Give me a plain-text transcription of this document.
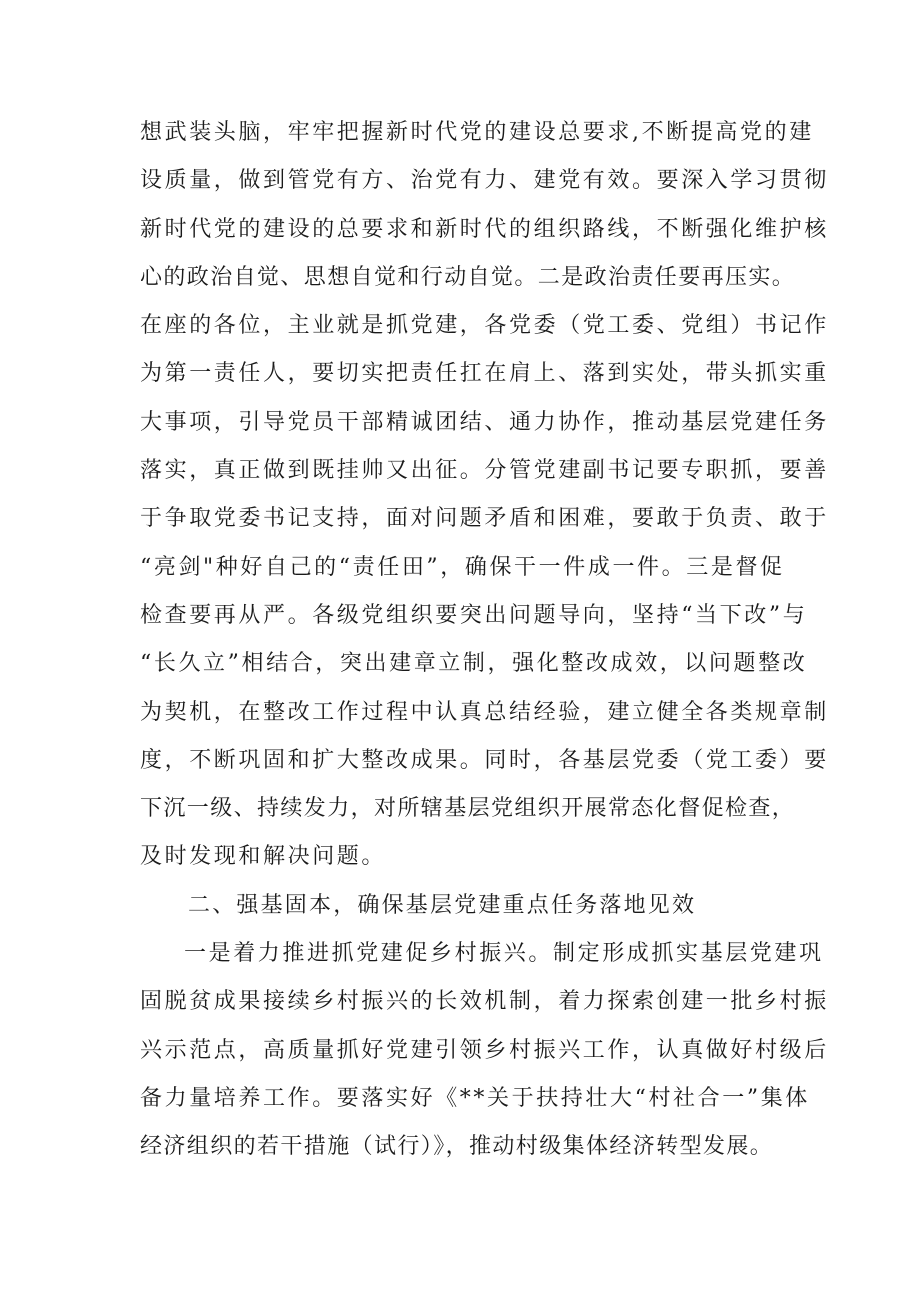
想武装头脑，牢牢把握新时代党的建设总要求,不断提高党的建
设质量，做到管党有方、治党有力、建党有效。要深入学习贯彻
新时代党的建设的总要求和新时代的组织路线，不断强化维护核
心的政治自觉、思想自觉和行动自觉。二是政治责任要再压实。
在座的各位，主业就是抓党建，各党委（党工委、党组）书记作
为第一责任人，要切实把责任扛在肩上、落到实处，带头抓实重
大事项，引导党员干部精诚团结、通力协作，推动基层党建任务
落实，真正做到既挂帅又出征。分管党建副书记要专职抓，要善
于争取党委书记支持，面对问题矛盾和困难，要敢于负责、敢于
“亮剑"种好自己的“责任田”，确保干一件成一件。三是督促
检查要再从严。各级党组织要突出问题导向，坚持“当下改”与
“长久立”相结合，突出建章立制，强化整改成效，以问题整改
为契机，在整改工作过程中认真总结经验，建立健全各类规章制
度，不断巩固和扩大整改成果。同时，各基层党委（党工委）要
下沉一级、持续发力，对所辖基层党组织开展常态化督促检查，
及时发现和解决问题。
二、强基固本，确保基层党建重点任务落地见效
一是着力推进抓党建促乡村振兴。制定形成抓实基层党建巩
固脱贫成果接续乡村振兴的长效机制，着力探索创建一批乡村振
兴示范点，高质量抓好党建引领乡村振兴工作，认真做好村级后
备力量培养工作。要落实好《**关于扶持壮大“村社合一”集体
经济组织的若干措施（试行）》，推动村级集体经济转型发展。
